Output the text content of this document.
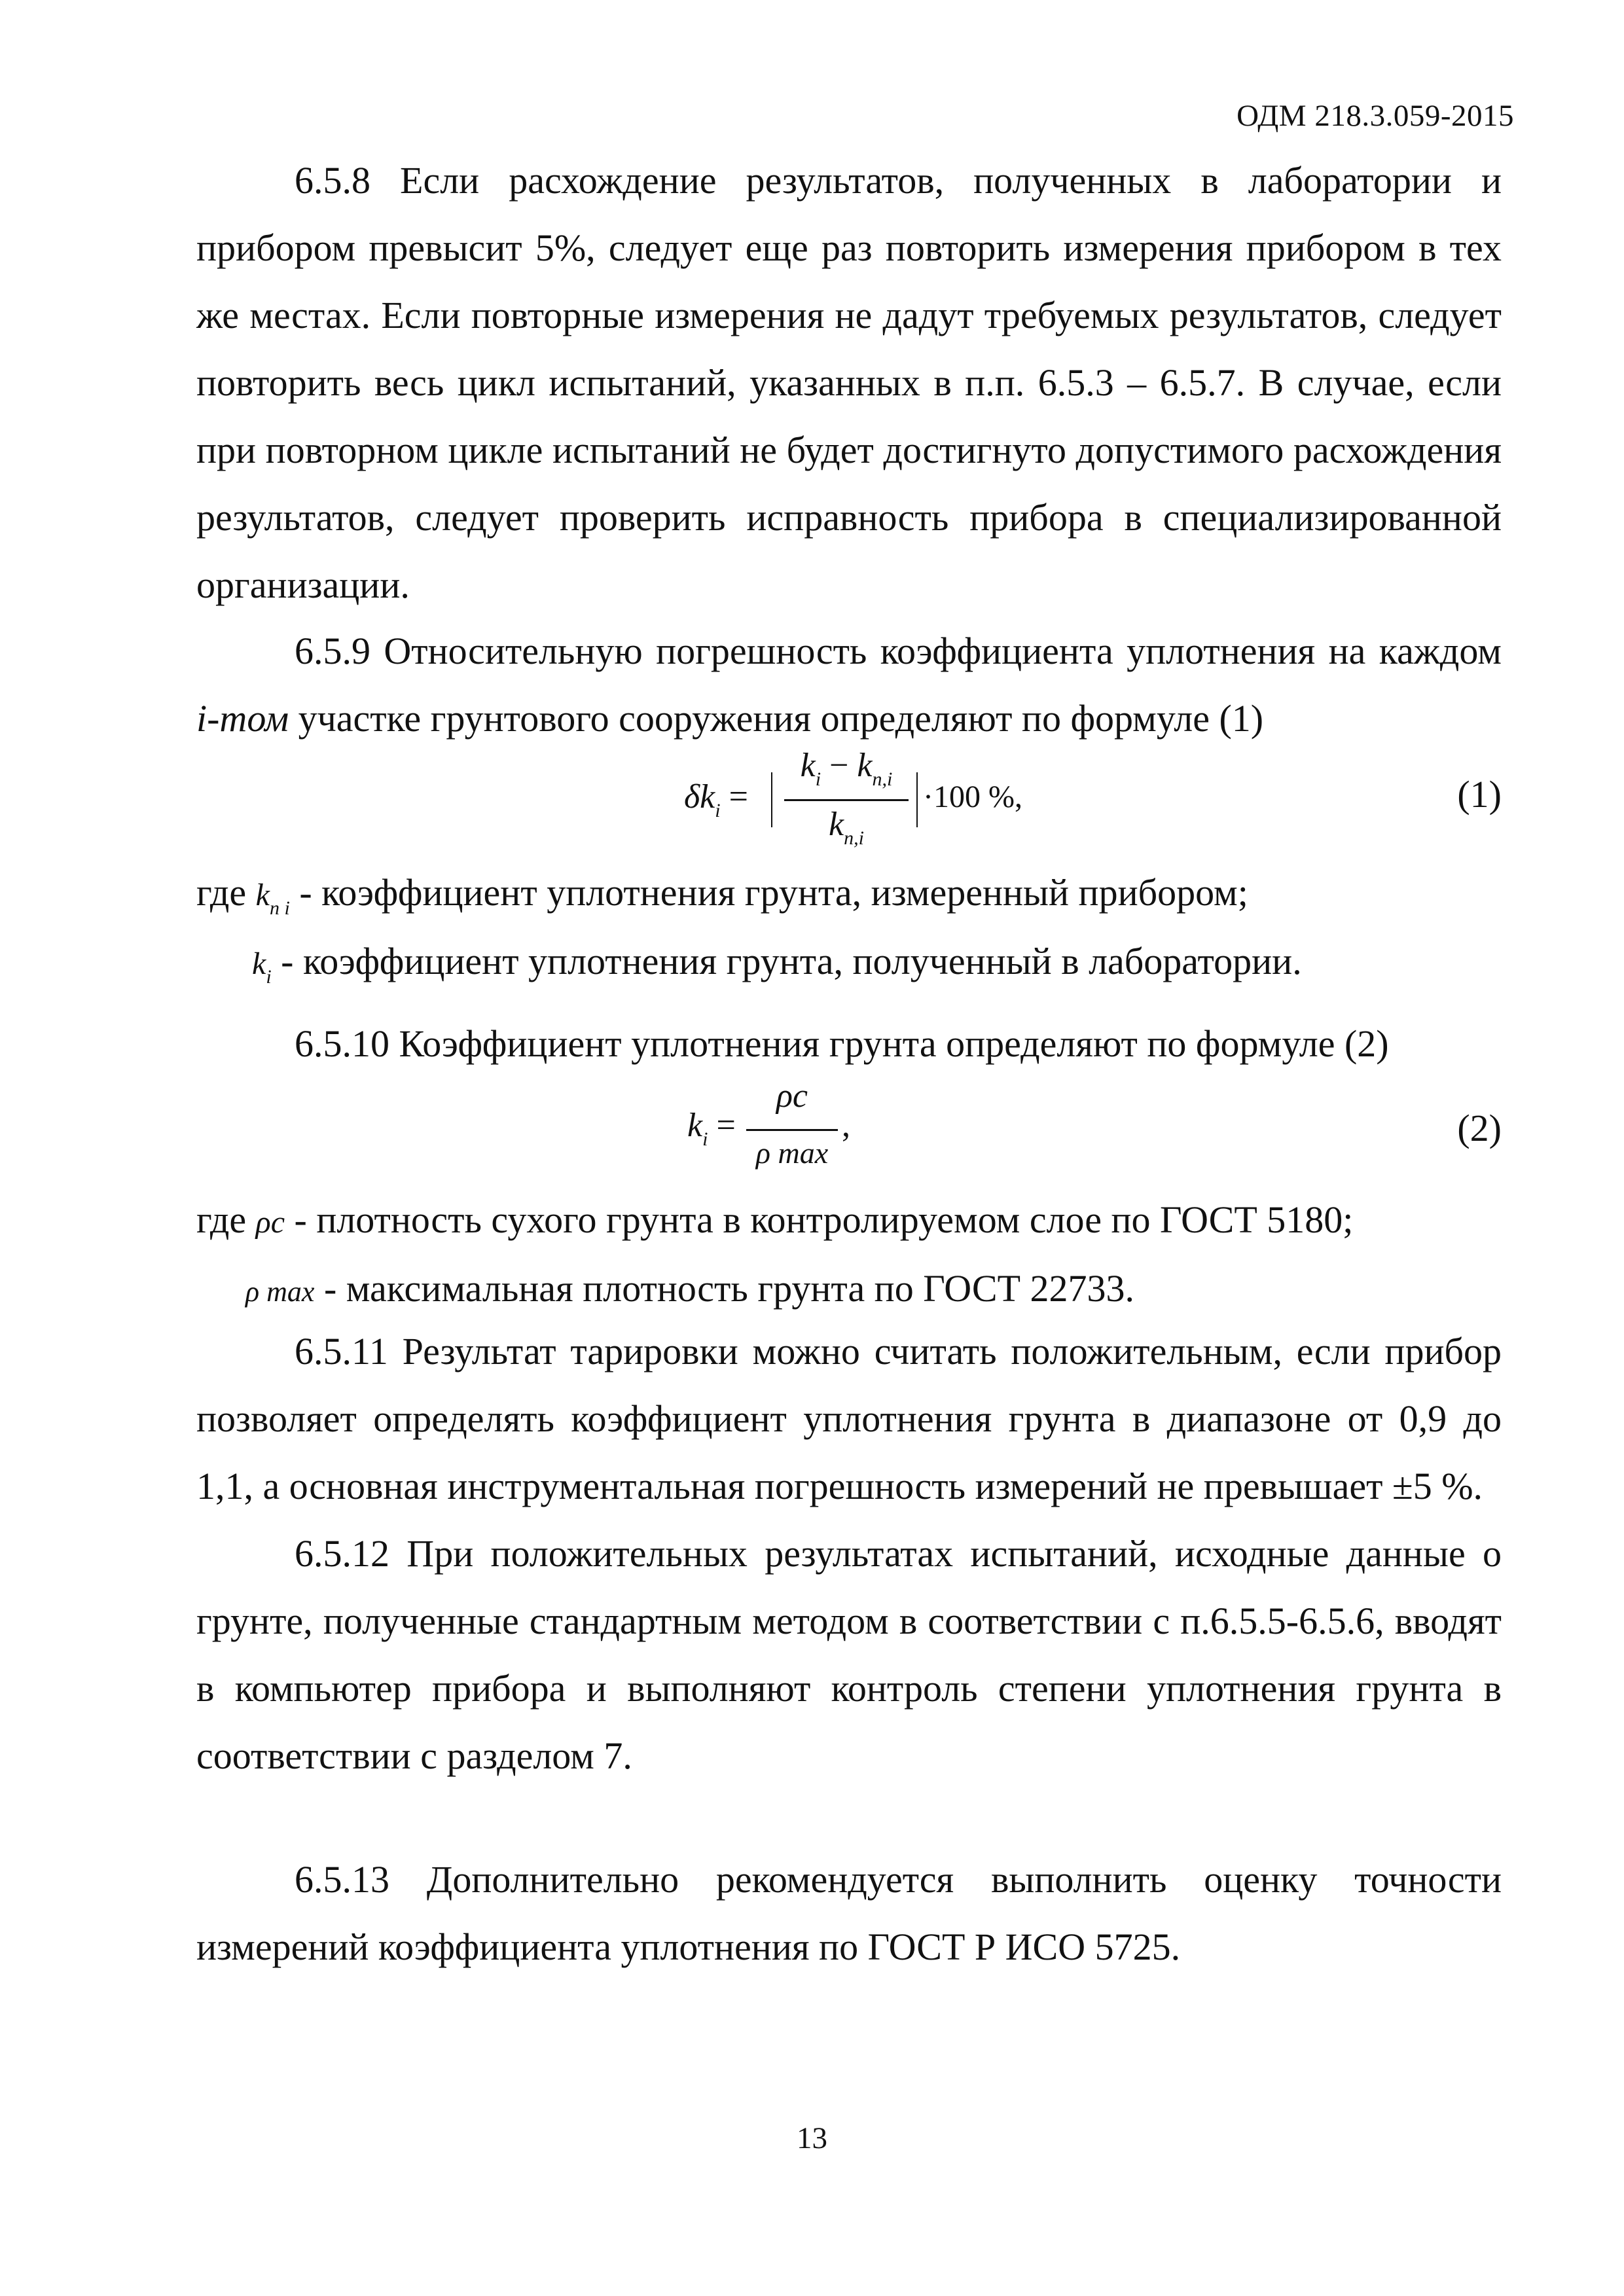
ОДМ 218.3.059-2015

6.5.8 Если расхождение результатов, полученных в лаборатории и прибором превысит 5%, следует еще раз повторить измерения прибором в тех же местах. Если повторные измерения не дадут требуемых результатов, следует повторить весь цикл испытаний, указанных в п.п. 6.5.3 – 6.5.7. В случае, если при повторном цикле испытаний не будет достигнуто допустимого расхождения результатов, следует проверить исправность прибора в специализированной организации.

6.5.9 Относительную погрешность коэффициента уплотнения на каждом i-том участке грунтового сооружения определяют по формуле (1)

$\delta k_i$ =
$k_i - k_{n,i}$
$k_{n,i}$
·100 %,	(1)
где $k_{n i}$ - коэффициент уплотнения грунта, измеренный прибором;
$k_i$ - коэффициент уплотнения грунта, полученный в лаборатории.

6.5.10 Коэффициент уплотнения грунта определяют по формуле (2)

$k_i$ =
ρc
ρ max
,	(2)
где ρc - плотность сухого грунта в контролируемом слое по ГОСТ 5180;
ρ max - максимальная плотность грунта по ГОСТ 22733.

6.5.11 Результат тарировки можно считать положительным, если прибор позволяет определять коэффициент уплотнения грунта в диапазоне от 0,9 до 1,1, а основная инструментальная погрешность измерений не превышает ±5 %.

6.5.12 При положительных результатах испытаний, исходные данные о грунте, полученные стандартным методом в соответствии с п.6.5.5-6.5.6, вводят в компьютер прибора и выполняют контроль степени уплотнения грунта в соответствии с разделом 7.

6.5.13 Дополнительно рекомендуется выполнить оценку точности измерений коэффициента уплотнения по ГОСТ Р ИСО 5725.

13
